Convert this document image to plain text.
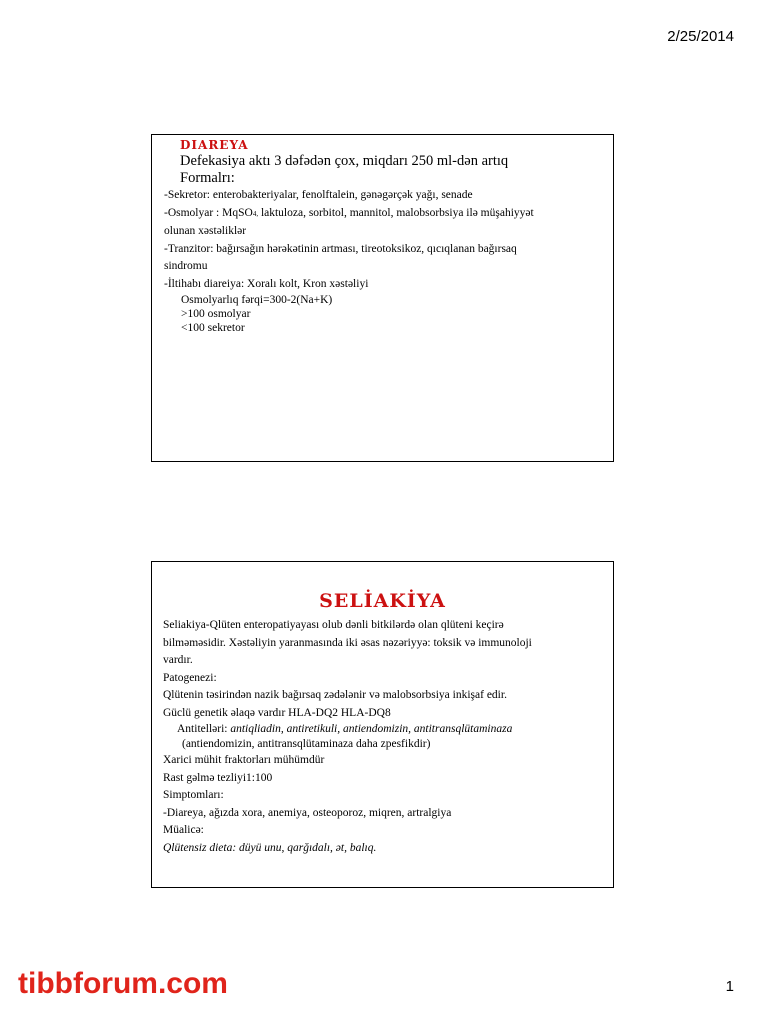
2/25/2014
DIAREYA
Defekasiya aktı 3 dəfədən çox, miqdarı 250 ml-dən artıq
Formalrı:
-Sekretor: enterobakteriyalar, fenolftalein, gənəgərçək yağı, senade
-Osmolyar : MqSO4, laktuloza, sorbitol, mannitol, malobsorbsiya ilə müşahiyyət
olunan xəstəliklər
-Tranzitor: bağırsağın hərəkətinin artması, tireotoksikoz, qıcıqlanan bağırsaq
sindromu
-İltihabı diareiya: Xoralı kolt, Kron xəstəliyi
Osmolyarlıq fərqi=300-2(Na+K)
>100 osmolyar
<100 sekretor
SELİAKİYA
Seliakiya-Qlüten enteropatiyayası olub dənli bitkilərdə olan qlüteni keçirə
bilməməsidir. Xəstəliyin yaranmasında iki əsas nəzəriyyə: toksik və immunoloji
vardır.
Patogenezi:
Qlütenin təsirindən nazik bağırsaq zədələnir və malobsorbsiya inkişaf edir.
Güclü genetik əlaqə vardır HLA-DQ2 HLA-DQ8
Antitelləri: antiqliadin, antiretikuli, antiendomizin, antitransqlütaminaza
(antiendomizin, antitransqlütaminaza daha zpesfikdir)
Xarici mühit fraktorları mühümdür
Rast gəlmə tezliyi1:100
Simptomları:
-Diareya, ağızda xora, anemiya, osteoporoz, miqren, artralgiya
Müalicə:
Qlütensiz dieta: düyü unu, qarğıdalı, ət, balıq.
tibbforum.com	1
